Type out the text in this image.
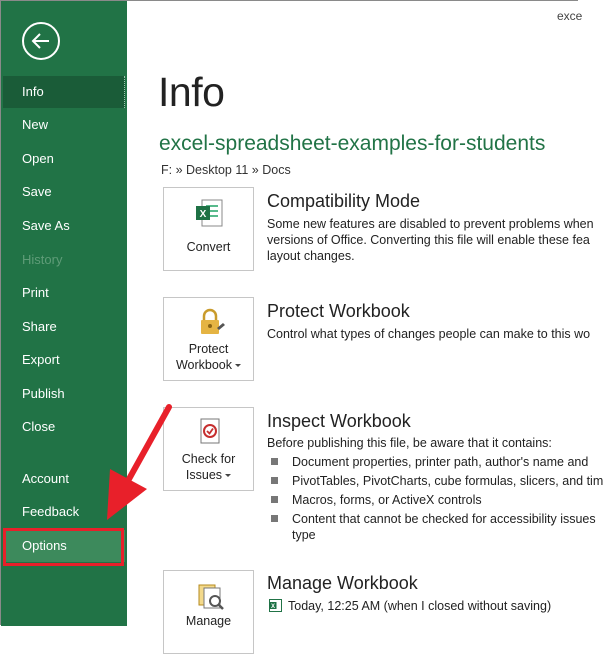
Info
New
Open
Save
Save As
History
Print
Share
Export
Publish
Close
Account
Feedback
Options
exce
Info
excel-spreadsheet-examples-for-students
F: » Desktop 11 » Docs
X
Convert
Compatibility Mode
Some new features are disabled to prevent problems when
versions of Office. Converting this file will enable these fea
layout changes.
Protect
Workbook
Protect Workbook
Control what types of changes people can make to this wo
Check for
Issues
Inspect Workbook
Before publishing this file, be aware that it contains:
Document properties, printer path, author's name and
PivotTables, PivotCharts, cube formulas, slicers, and tim
Macros, forms, or ActiveX controls
Content that cannot be checked for accessibility issues
type
Manage
Manage Workbook
X Today, 12:25 AM (when I closed without saving)
